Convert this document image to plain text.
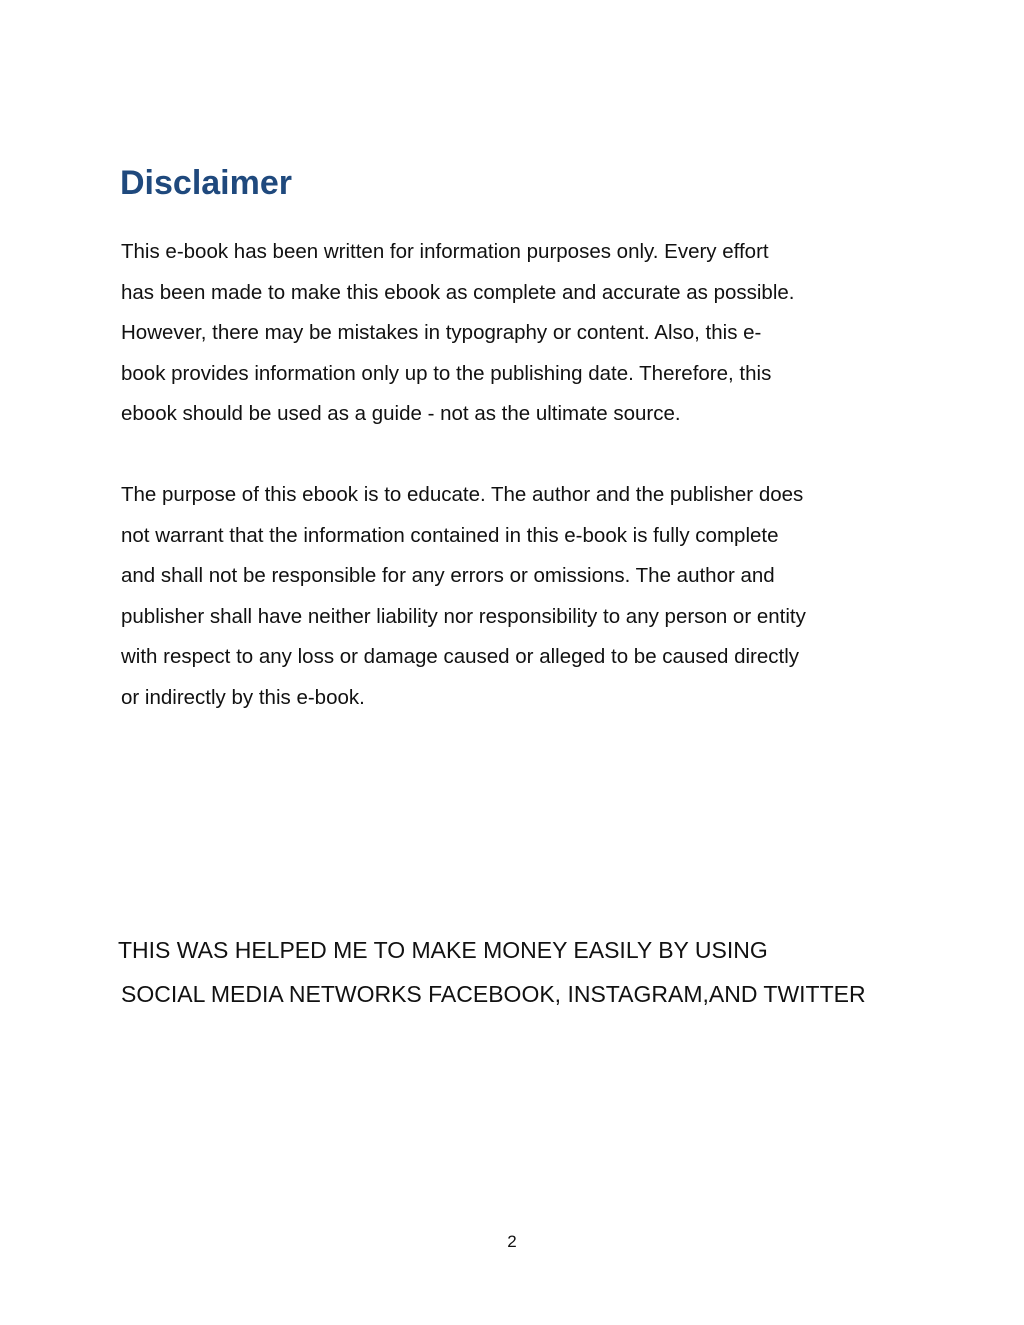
Disclaimer

This e-book has been written for information purposes only. Every effort
has been made to make this ebook as complete and accurate as possible.
However, there may be mistakes in typography or content. Also, this e-
book provides information only up to the publishing date. Therefore, this
ebook should be used as a guide - not as the ultimate source.

The purpose of this ebook is to educate. The author and the publisher does
not warrant that the information contained in this e-book is fully complete
and shall not be responsible for any errors or omissions. The author and
publisher shall have neither liability nor responsibility to any person or entity
with respect to any loss or damage caused or alleged to be caused directly
or indirectly by this e-book.

THIS WAS HELPED ME TO MAKE MONEY EASILY BY USING
SOCIAL MEDIA NETWORKS FACEBOOK, INSTAGRAM,AND TWITTER

2
